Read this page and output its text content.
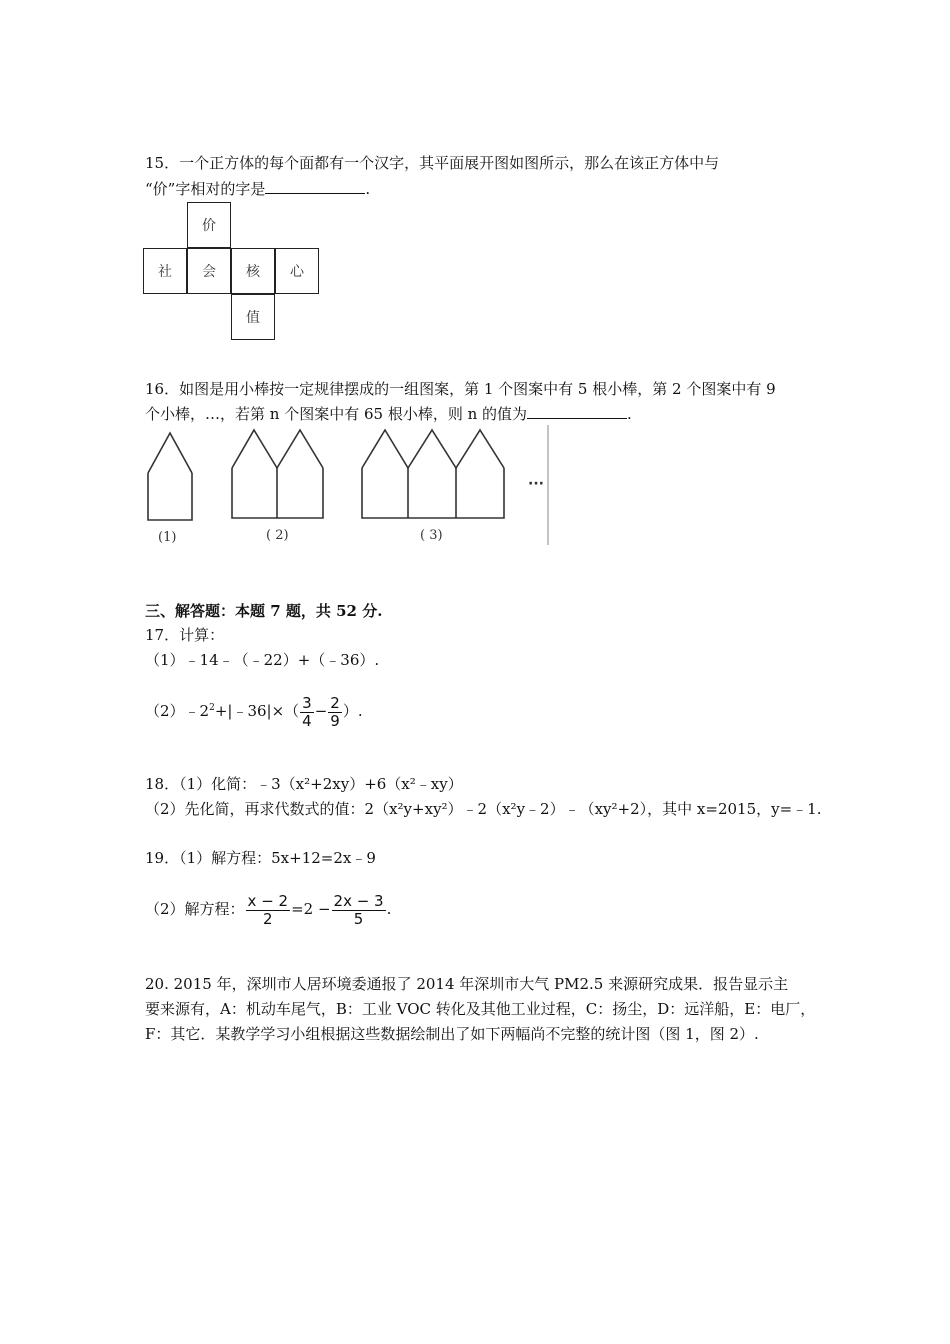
15．一个正方体的每个面都有一个汉字，其平面展开图如图所示，那么在该正方体中与
“价”字相对的字是	.
价
社	会	核	心
值
16．如图是用小棒按一定规律摆成的一组图案，第 1 个图案中有 5 根小棒，第 2 个图案中有 9
个小棒，…，若第 n 个图案中有 65 根小棒，则 n 的值为	.
(1)	( 2)	( 3)
···
三、解答题：本题 7 题，共 52 分.
17．计算：
（1）﹣14﹣（﹣22）+（﹣36）.
$(2)﹣2^2+|﹣36|\times( \frac{3}{4} - \frac{2}{9}$ ）.
18．（1）化简：﹣3（x²+2xy）+6（x²﹣xy）
（2）先化简，再求代数式的值：2（x²y+xy²）﹣2（x²y﹣2）﹣（xy²+2），其中 x=2015，y=﹣1.
19．（1）解方程：5x+12=2x﹣9
（2）解方程： $\frac{x - 2}{2} =2 - \frac{2x - 3}{5}$ .
20. 2015 年，深圳市人居环境委通报了 2014 年深圳市大气 PM2.5 来源研究成果．报告显示主
要来源有，A：机动车尾气，B：工业 VOC 转化及其他工业过程，C：扬尘，D：远洋船，E：电厂，
F：其它．某教学学习小组根据这些数据绘制出了如下两幅尚不完整的统计图（图 1，图 2）.
